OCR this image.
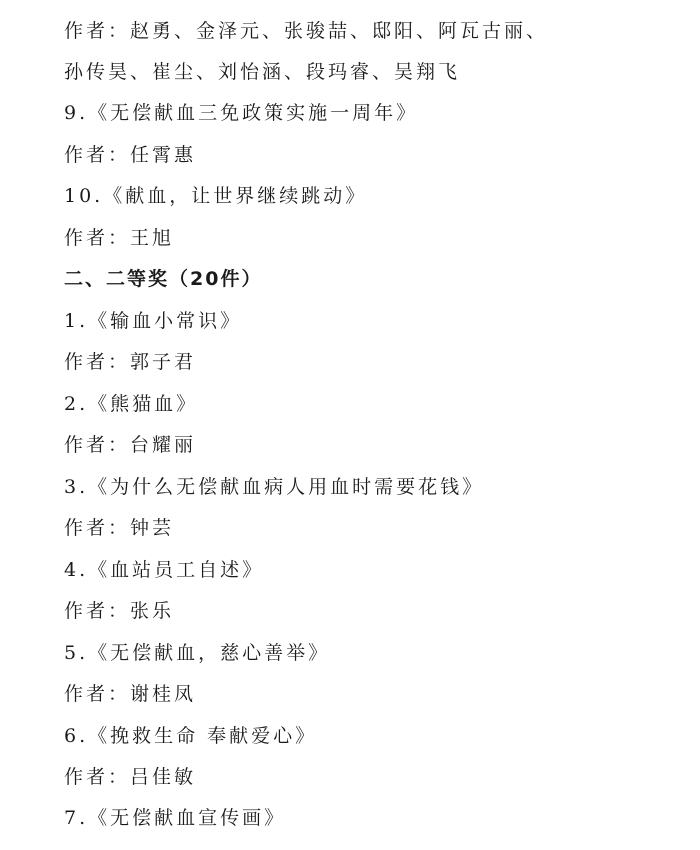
作者：赵勇、金泽元、张骏喆、邸阳、阿瓦古丽、
孙传昊、崔尘、刘怡涵、段玛睿、吴翔飞
9.《无偿献血三免政策实施一周年》
作者：任霄惠
10.《献血，让世界继续跳动》
作者：王旭
二、二等奖（20件）
1.《输血小常识》
作者：郭子君
2.《熊猫血》
作者：台耀丽
3.《为什么无偿献血病人用血时需要花钱》
作者：钟芸
4.《血站员工自述》
作者：张乐
5.《无偿献血，慈心善举》
作者：谢桂凤
6.《挽救生命 奉献爱心》
作者：吕佳敏
7.《无偿献血宣传画》
